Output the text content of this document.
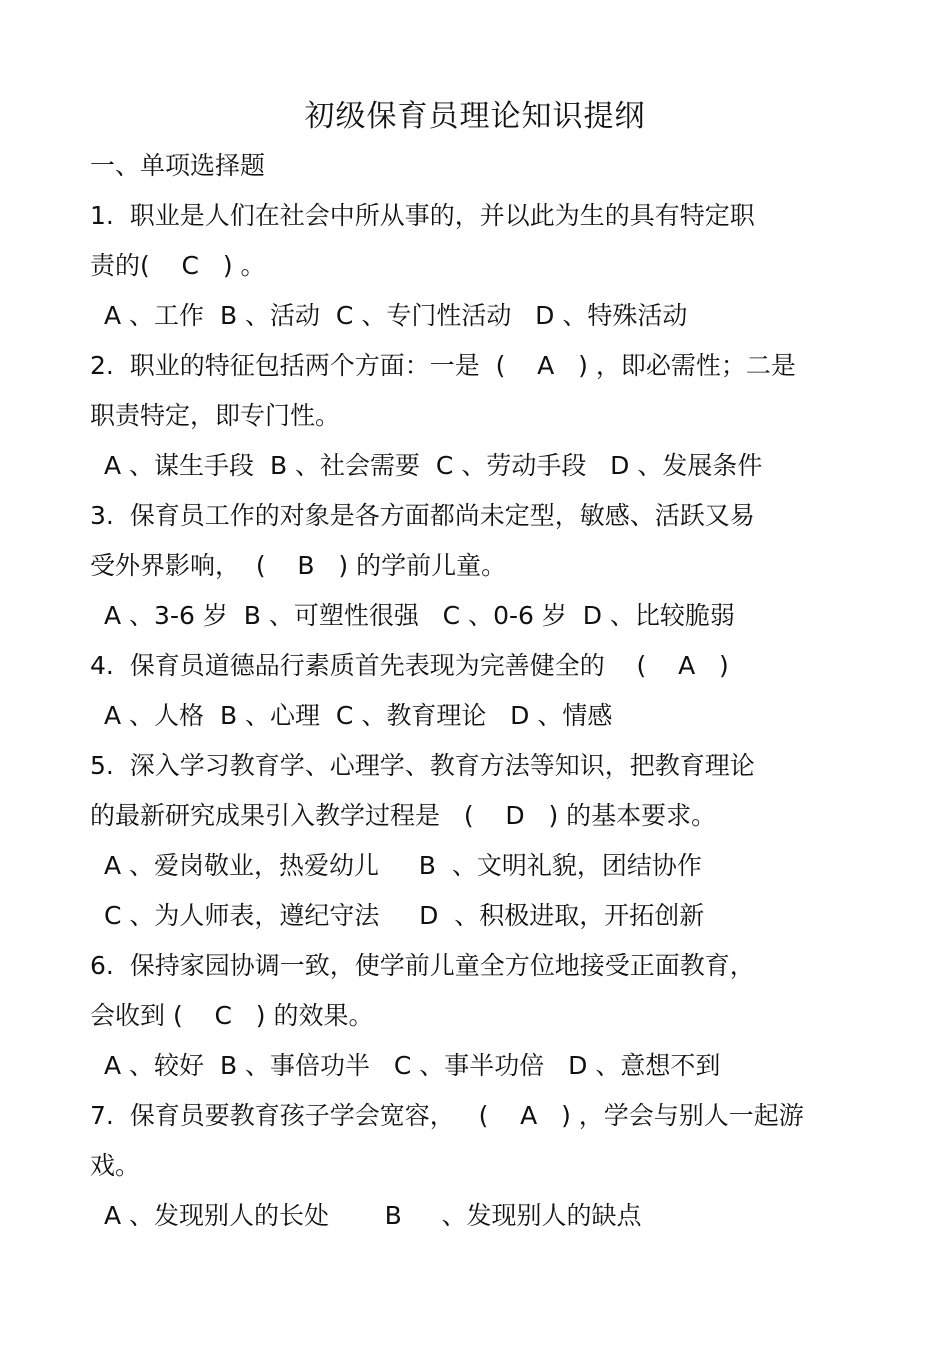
初级保育员理论知识提纲
一、单项选择题
1.  职业是人们在社会中所从事的，并以此为生的具有特定职
责的(    C   ) 。
A 、工作  B 、活动  C 、专门性活动   D 、特殊活动
2.  职业的特征包括两个方面：一是  (    A   ) ，即必需性；二是
职责特定，即专门性。
A 、谋生手段  B 、社会需要  C 、劳动手段   D 、发展条件
3.  保育员工作的对象是各方面都尚未定型，敏感、活跃又易
受外界影响，  (    B   ) 的学前儿童。
A 、3-6 岁  B 、可塑性很强   C 、0-6 岁  D 、比较脆弱
4.  保育员道德品行素质首先表现为完善健全的    (    A   )
A 、人格  B 、心理  C 、教育理论   D 、情感
5.  深入学习教育学、心理学、教育方法等知识，把教育理论
的最新研究成果引入教学过程是   (    D   ) 的基本要求。
A 、爱岗敬业，热爱幼儿     B  、文明礼貌，团结协作
C 、为人师表，遵纪守法     D  、积极进取，开拓创新
6.  保持家园协调一致，使学前儿童全方位地接受正面教育，
会收到 (    C   ) 的效果。
A 、较好  B 、事倍功半   C 、事半功倍   D 、意想不到
7.  保育员要教育孩子学会宽容，   (    A   ) ，学会与别人一起游
戏。
A 、发现别人的长处       B     、发现别人的缺点
